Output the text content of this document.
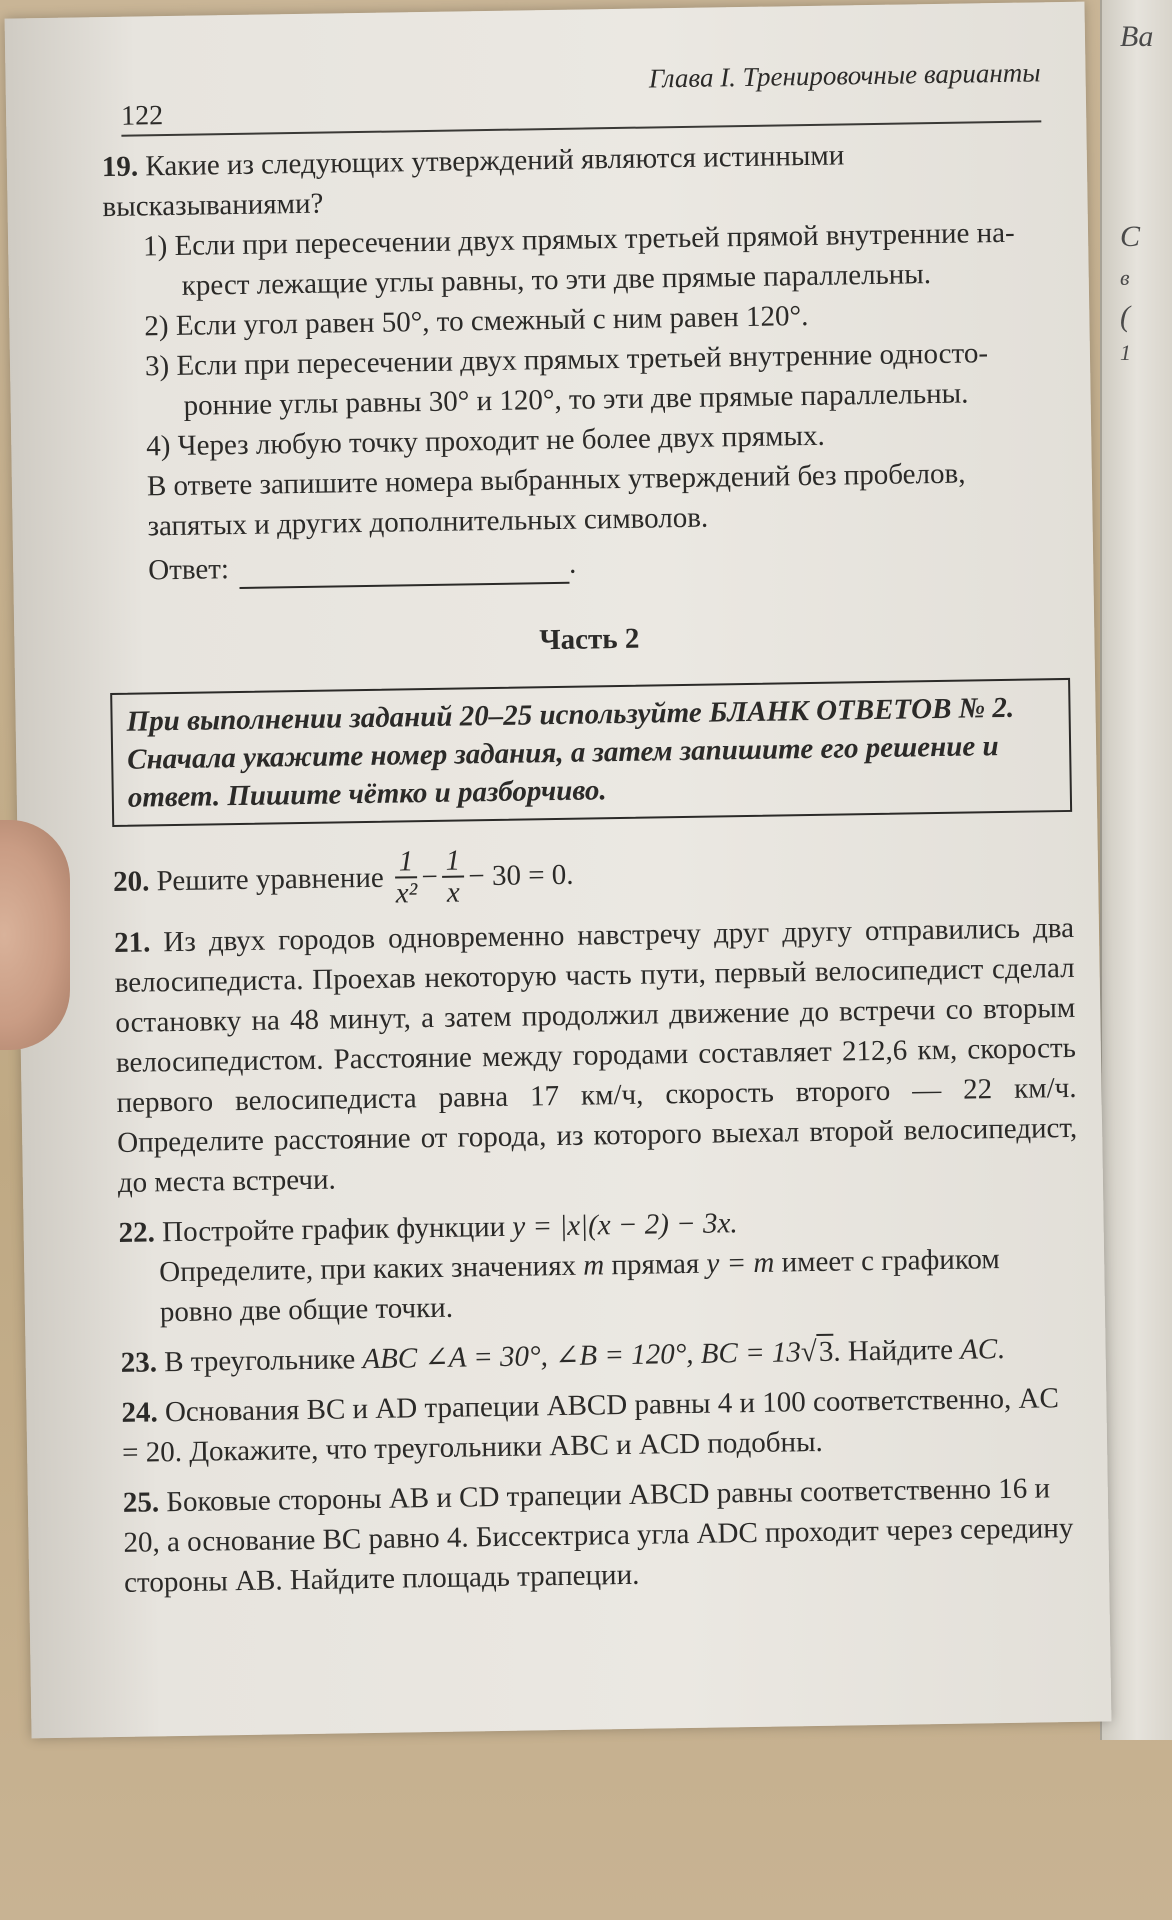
Ва
С
в
(
1
122
Глава I. Тренировочные варианты

19. Какие из следующих утверждений являются истинными высказываниями?

1) Если при пересечении двух прямых третьей прямой внутренние на-
крест лежащие углы равны, то эти две прямые параллельны.

2) Если угол равен 50°, то смежный с ним равен 120°.

3) Если при пересечении двух прямых третьей внутренние односто-
ронние углы равны 30° и 120°, то эти две прямые параллельны.

4) Через любую точку проходит не более двух прямых.

В ответе запишите номера выбранных утверждений без пробелов, запятых и других дополнительных символов.

Ответ:	.
Часть 2
При выполнении заданий 20–25 используйте БЛАНК ОТВЕТОВ № 2. Сначала укажите номер задания, а затем запишите его решение и ответ. Пишите чётко и разборчиво.
20.
Решите уравнение
$\frac{1}{\text{x²}} - \frac{1}{x} - 30 = 0$.

21. Из двух городов одновременно навстречу друг другу отправились два велосипедиста. Проехав некоторую часть пути, первый велосипедист сделал остановку на 48 минут, а затем продолжил движение до встречи со вторым велосипедистом. Расстояние между городами составляет 212,6 км, скорость первого велосипедиста равна 17 км/ч, скорость второго — 22 км/ч. Определите расстояние от города, из которого выехал второй велосипедист, до места встречи.

22. Постройте график функции y = |x|(x − 2) − 3x.

Определите, при каких значениях m прямая y = m имеет с графиком ровно две общие точки.

23. В треугольнике ABC ∠A = 30°, ∠B = 120°, BC = 13√3. Найдите AC.

24. Основания BC и AD трапеции ABCD равны 4 и 100 соответственно, AC = 20. Докажите, что треугольники ABC и ACD подобны.

25. Боковые стороны AB и CD трапеции ABCD равны соответственно 16 и 20, а основание BC равно 4. Биссектриса угла ADC проходит через середину стороны AB. Найдите площадь трапеции.
